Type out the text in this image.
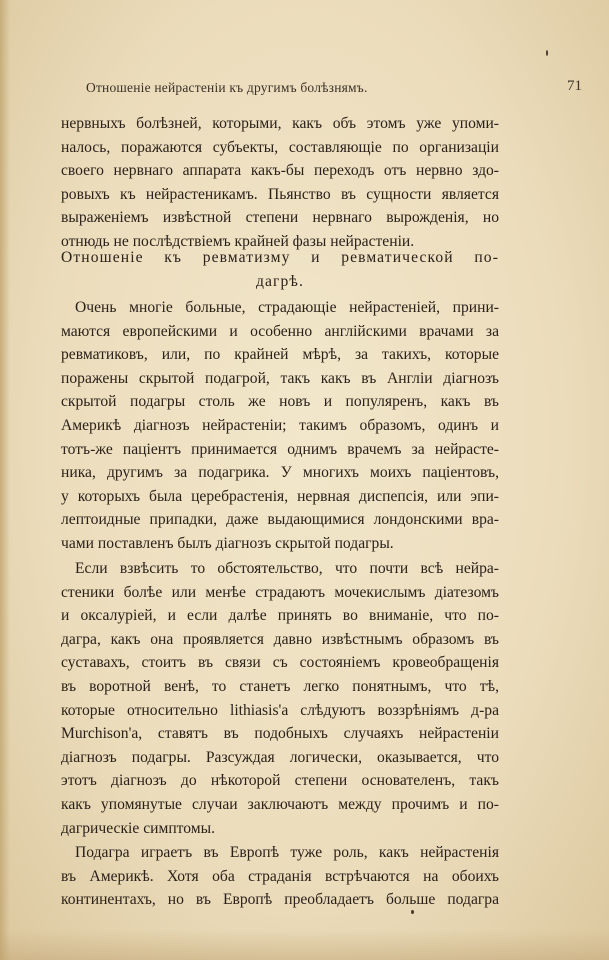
Отношеніе нейрастеніи къ другимъ болѣзнямъ.	71
нервныхъ болѣзней, которыми, какъ объ этомъ уже упоми-
налось, поражаются субъекты, составляющіе по организаціи
своего нервнаго аппарата какъ-бы переходъ отъ нервно здо-
ровыхъ къ нейрастеникамъ. Пьянство въ сущности является
выраженіемъ извѣстной степени нервнаго вырожденія, но
отнюдь не послѣдствіемъ крайней фазы нейрастеніи.
Отношеніе къ ревматизму и ревматической по-
дагрѣ.
Очень многіе больные, страдающіе нейрастеніей, прини-
маются европейскими и особенно англійскими врачами за
ревматиковъ, или, по крайней мѣрѣ, за такихъ, которые
поражены скрытой подагрой, такъ какъ въ Англіи діагнозъ
скрытой подагры столь же новъ и популяренъ, какъ въ
Америкѣ діагнозъ нейрастеніи; такимъ образомъ, одинъ и
тотъ-же паціентъ принимается однимъ врачемъ за нейрасте-
ника, другимъ за подагрика. У многихъ моихъ паціентовъ,
у которыхъ была церебрастенія, нервная диспепсія, или эпи-
лептоидные припадки, даже выдающимися лондонскими вра-
чами поставленъ былъ діагнозъ скрытой подагры.
Если взвѣсить то обстоятельство, что почти всѣ нейра-
стеники болѣе или менѣе страдаютъ мочекислымъ діатезомъ
и оксалуріей, и если далѣе принять во вниманіе, что по-
дагра, какъ она проявляется давно извѣстнымъ образомъ въ
суставахъ, стоитъ въ связи съ состояніемъ кровеобращенія
въ воротной венѣ, то станетъ легко понятнымъ, что тѣ,
которые относительно lithiasis'а слѣдуютъ воззрѣніямъ д-ра
Murchison'а, ставятъ въ подобныхъ случаяхъ нейрастеніи
діагнозъ подагры. Разсуждая логически, оказывается, что
этотъ діагнозъ до нѣкоторой степени основателенъ, такъ
какъ упомянутые случаи заключаютъ между прочимъ и по-
дагрическіе симптомы.
Подагра играетъ въ Европѣ туже роль, какъ нейрастенія
въ Америкѣ. Хотя оба страданія встрѣчаются на обоихъ
континентахъ, но въ Европѣ преобладаетъ больше подагра
